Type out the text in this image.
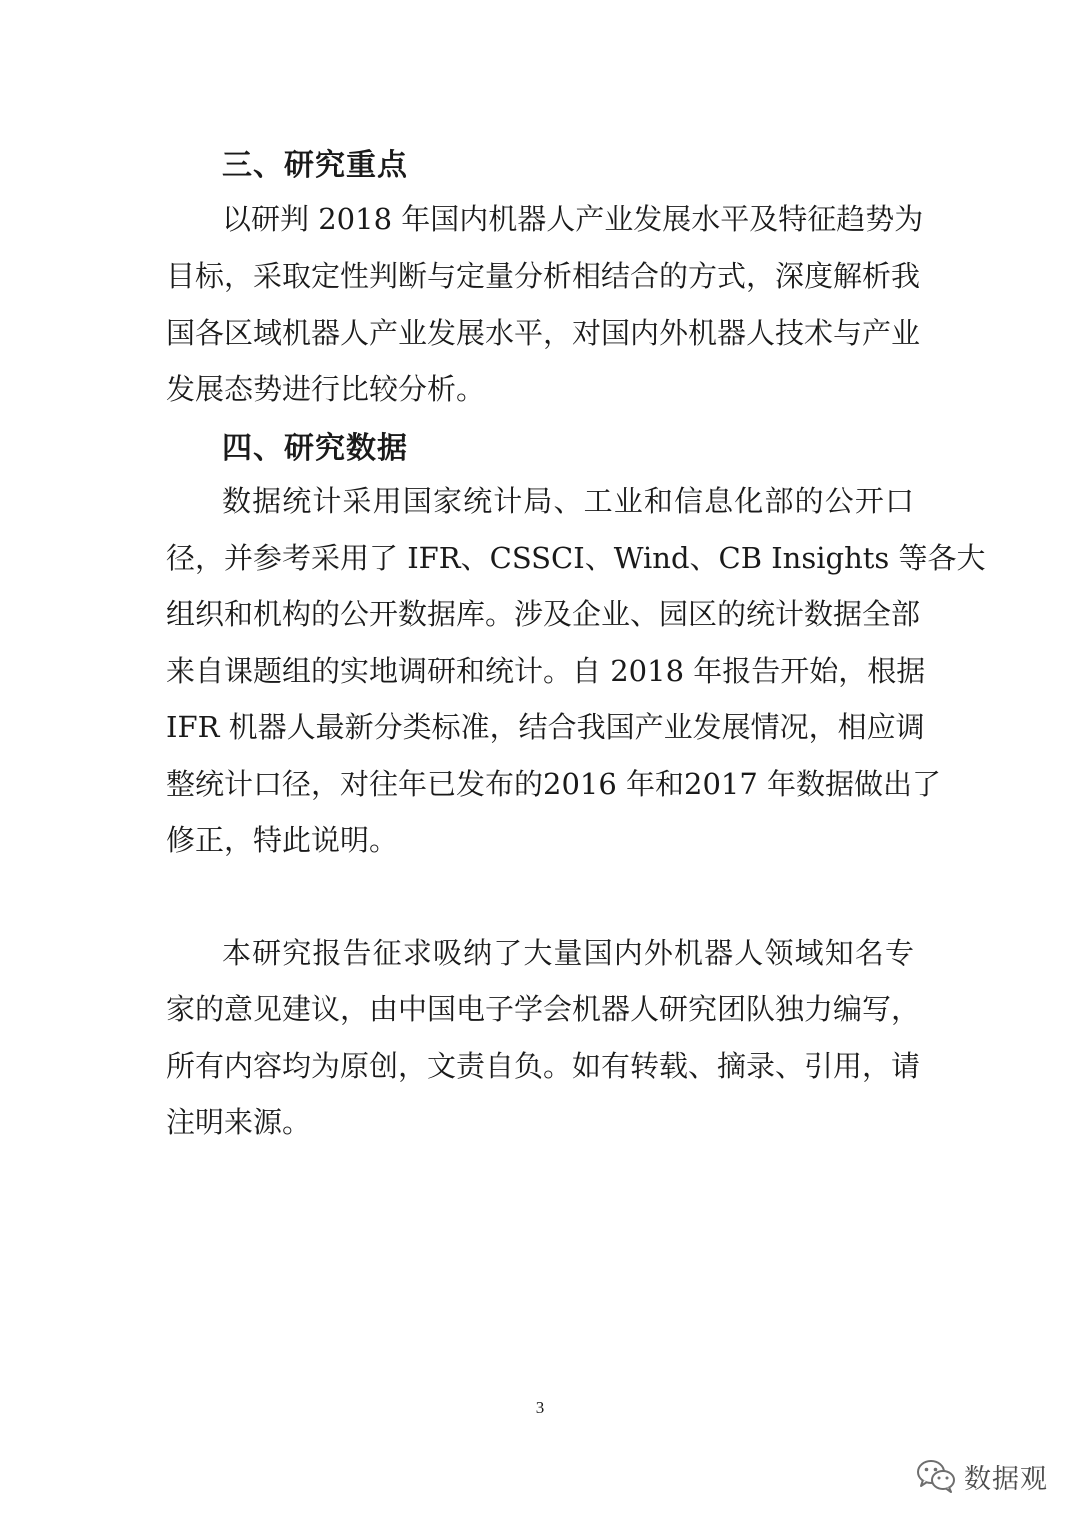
三、研究重点
以研判 2018 年国内机器人产业发展水平及特征趋势为
目标，采取定性判断与定量分析相结合的方式，深度解析我
国各区域机器人产业发展水平，对国内外机器人技术与产业
发展态势进行比较分析。
四、研究数据
数据统计采用国家统计局、工业和信息化部的公开口
径，并参考采用了 IFR、CSSCI、Wind、CB Insights 等各大
组织和机构的公开数据库。涉及企业、园区的统计数据全部
来自课题组的实地调研和统计。自 2018 年报告开始，根据
IFR 机器人最新分类标准，结合我国产业发展情况，相应调
整统计口径，对往年已发布的2016 年和2017 年数据做出了
修正，特此说明。
本研究报告征求吸纳了大量国内外机器人领域知名专
家的意见建议，由中国电子学会机器人研究团队独力编写，
所有内容均为原创，文责自负。如有转载、摘录、引用，请
注明来源。
3
数据观
